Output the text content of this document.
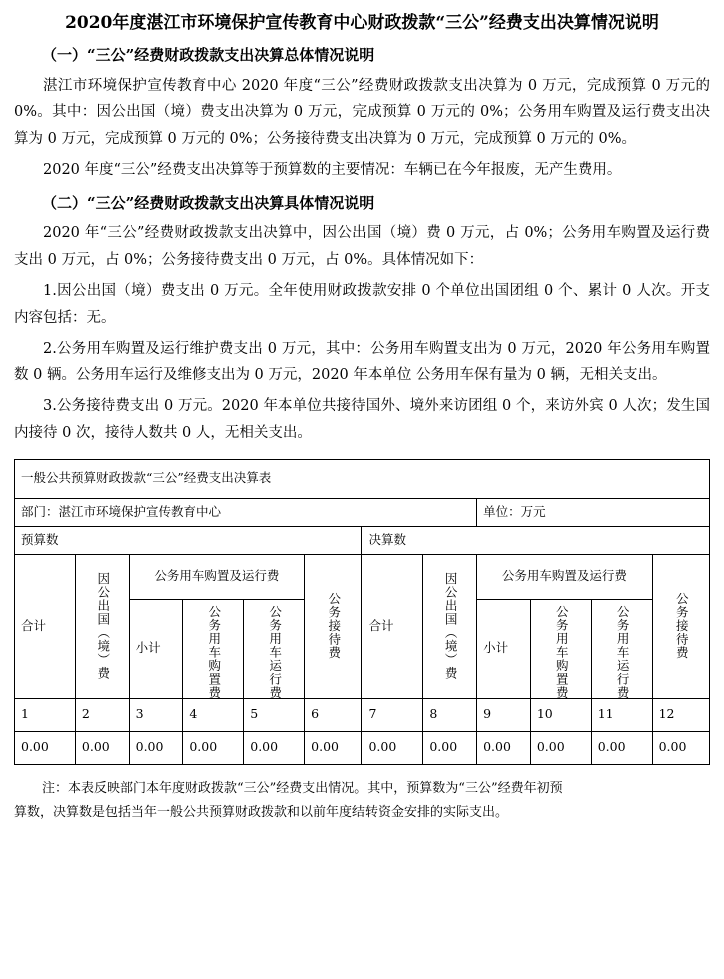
2020年度湛江市环境保护宣传教育中心财政拨款“三公”经费支出决算情况说明
（一）“三公”经费财政拨款支出决算总体情况说明

湛江市环境保护宣传教育中心 2020 年度“三公”经费财政拨款支出决算为 0 万元，完成预算 0 万元的 0%。其中：因公出国（境）费支出决算为 0 万元，完成预算 0 万元的 0%；公务用车购置及运行费支出决算为 0 万元，完成预算 0 万元的 0%；公务接待费支出决算为 0 万元，完成预算 0 万元的 0%。

2020 年度“三公”经费支出决算等于预算数的主要情况：车辆已在今年报废，无产生费用。

（二）“三公”经费财政拨款支出决算具体情况说明

2020 年“三公”经费财政拨款支出决算中，因公出国（境）费 0 万元，占 0%；公务用车购置及运行费支出 0 万元，占 0%；公务接待费支出 0 万元，占 0%。具体情况如下：

1.因公出国（境）费支出 0 万元。全年使用财政拨款安排 0 个单位出国团组 0 个、累计 0 人次。开支内容包括：无。

2.公务用车购置及运行维护费支出 0 万元，其中：公务用车购置支出为 0 万元，2020 年公务用车购置数 0 辆。公务用车运行及维修支出为 0 万元，2020 年本单位 公务用车保有量为 0 辆，无相关支出。

3.公务接待费支出 0 万元。2020 年本单位共接待国外、境外来访团组 0 个，来访外宾 0 人次；发生国内接待 0 次，接待人数共 0 人，无相关支出。

一般公共预算财政拨款“三公”经费支出决算表											
部门：湛江市环境保护宣传教育中心								单位：万元			
预算数						决算数					
合计	因公出国（境）费	公务用车购置及运行费			公务接待费	合计	因公出国（境）费	公务用车购置及运行费			公务接待费
		小计	公务用车购置费	公务用车运行费				小计	公务用车购置费	公务用车运行费	
1	2	3	4	5	6	7	8	9	10	11	12
0.00	0.00	0.00	0.00	0.00	0.00	0.00	0.00	0.00	0.00	0.00	0.00

注：本表反映部门本年度财政拨款“三公”经费支出情况。其中，预算数为“三公”经费年初预

算数，决算数是包括当年一般公共预算财政拨款和以前年度结转资金安排的实际支出。
